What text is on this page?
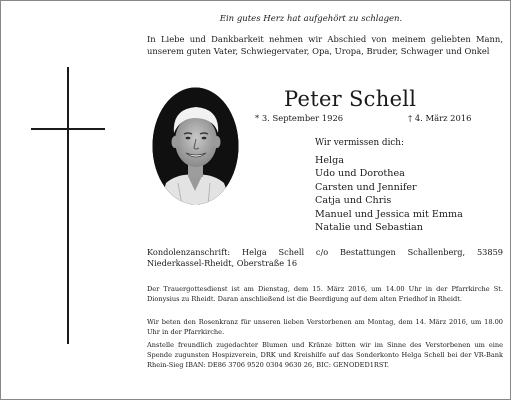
Ein gutes Herz hat aufgehört zu schlagen.
In Liebe und Dankbarkeit nehmen wir Abschied von meinem geliebten Mann, unserem guten Vater, Schwiegervater, Opa, Uropa, Bruder, Schwager und Onkel
Peter Schell
* 3. September 1926	† 4. März 2016
Wir vermissen dich:
Helga
Udo und Dorothea
Carsten und Jennifer
Catja und Chris
Manuel und Jessica mit Emma
Natalie und Sebastian
Kondolenzanschrift: Helga Schell c/o Bestattungen Schallenberg, 53859 Niederkassel-Rheidt, Oberstraße 16
Der Trauergottesdienst ist am Dienstag, dem 15. März 2016, um 14.00 Uhr in der Pfarrkirche St. Dionysius zu Rheidt. Daran anschließend ist die Beerdigung auf dem alten Friedhof in Rheidt.
Wir beten den Rosenkranz für unseren lieben Verstorbenen am Montag, dem 14. März 2016, um 18.00 Uhr in der Pfarrkirche.
Anstelle freundlich zugedachter Blumen und Kränze bitten wir im Sinne des Verstorbenen um eine Spende zugunsten Hospizverein, DRK und Kreishilfe auf das Sonderkonto Helga Schell bei der VR-Bank Rhein-Sieg IBAN: DE86 3706 9520 0304 9630 26, BIC: GENODED1RST.
